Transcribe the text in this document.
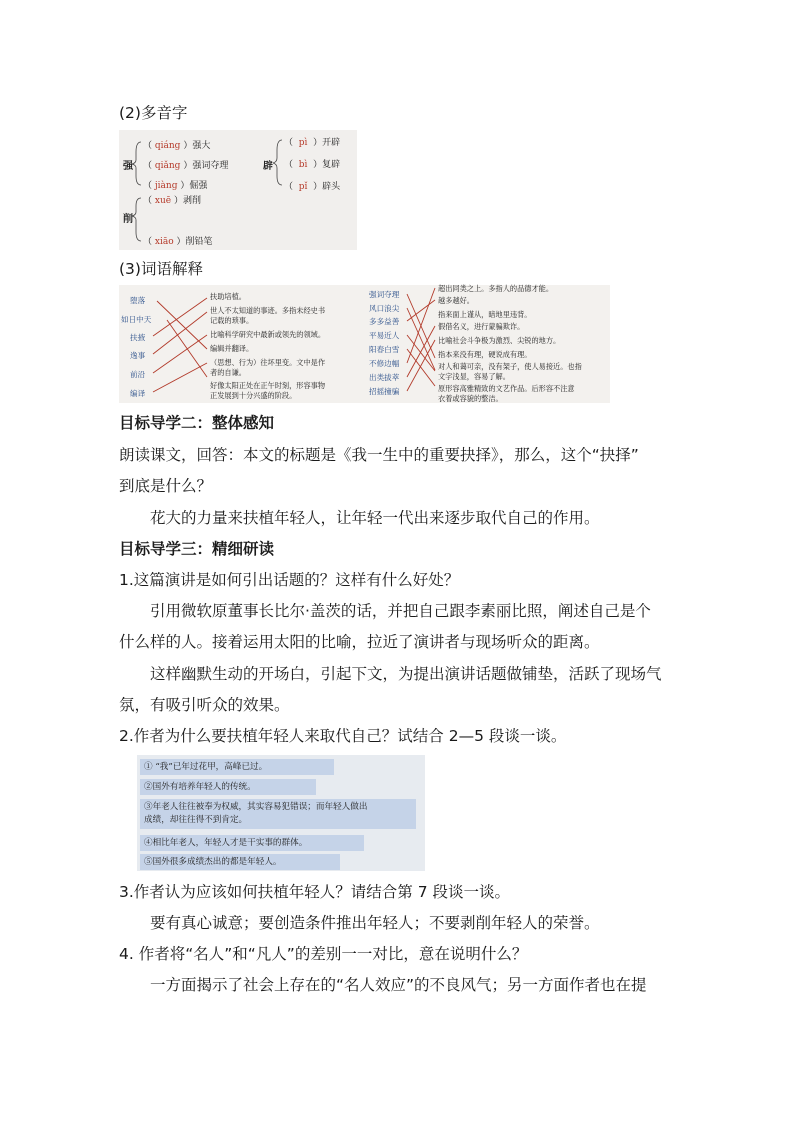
(2)多音字
强
（ qiáng ）强大
（ qiǎng ）强词夺理
（ jiàng ）倔强
辟
（  pì  ）开辟
（  bì  ）复辟
（  pǐ  ）辟头
削
（ xuē ）剥削
（ xiāo ）削铅笔
(3)词语解释
堕落
如日中天
扶掖
逸事
前沿
编译
扶助培植。
世人不太知道的事迹。多指未经史书
记载的琐事。
比喻科学研究中最新或领先的领域。
编辑并翻译。
（思想、行为）往坏里变。文中是作
者的自谦。
好像太阳正处在正午时刻，形容事物
正发展到十分兴盛的阶段。
强词夺理
风口浪尖
多多益善
平易近人
阳春白雪
不修边幅
出类拔萃
招摇撞骗
超出同类之上。多指人的品德才能。
越多越好。
指来面上谨从，暗地里违背。
假借名义，进行蒙骗欺诈。
比喻社会斗争极为激烈、尖锐的地方。
指本来没有理，硬说成有理。
对人和蔼可亲，没有架子，使人易接近。也指
文字浅显，容易了解。
原形容高雅精致的文艺作品。后形容不注意
衣着或容貌的整洁。
目标导学二：整体感知
朗读课文，回答：本文的标题是《我一生中的重要抉择》，那么，这个“抉择”
到底是什么？
花大的力量来扶植年轻人，让年轻一代出来逐步取代自己的作用。
目标导学三：精细研读
1.这篇演讲是如何引出话题的？这样有什么好处？
引用微软原董事长比尔·盖茨的话，并把自己跟李素丽比照，阐述自己是个
什么样的人。接着运用太阳的比喻，拉近了演讲者与现场听众的距离。
这样幽默生动的开场白，引起下文，为提出演讲话题做铺垫，活跃了现场气
氛，有吸引听众的效果。
2.作者为什么要扶植年轻人来取代自己？试结合 2—5 段谈一谈。
① “我”已年过花甲，高峰已过。
②国外有培养年轻人的传统。
③年老人往往被奉为权威，其实容易犯错误；而年轻人做出
成绩，却往往得不到肯定。
④相比年老人，年轻人才是干实事的群体。
⑤国外很多成绩杰出的都是年轻人。
3.作者认为应该如何扶植年轻人？请结合第 7 段谈一谈。
要有真心诚意；要创造条件推出年轻人；不要剥削年轻人的荣誉。
4. 作者将“名人”和“凡人”的差别一一对比，意在说明什么？
一方面揭示了社会上存在的“名人效应”的不良风气；另一方面作者也在提
